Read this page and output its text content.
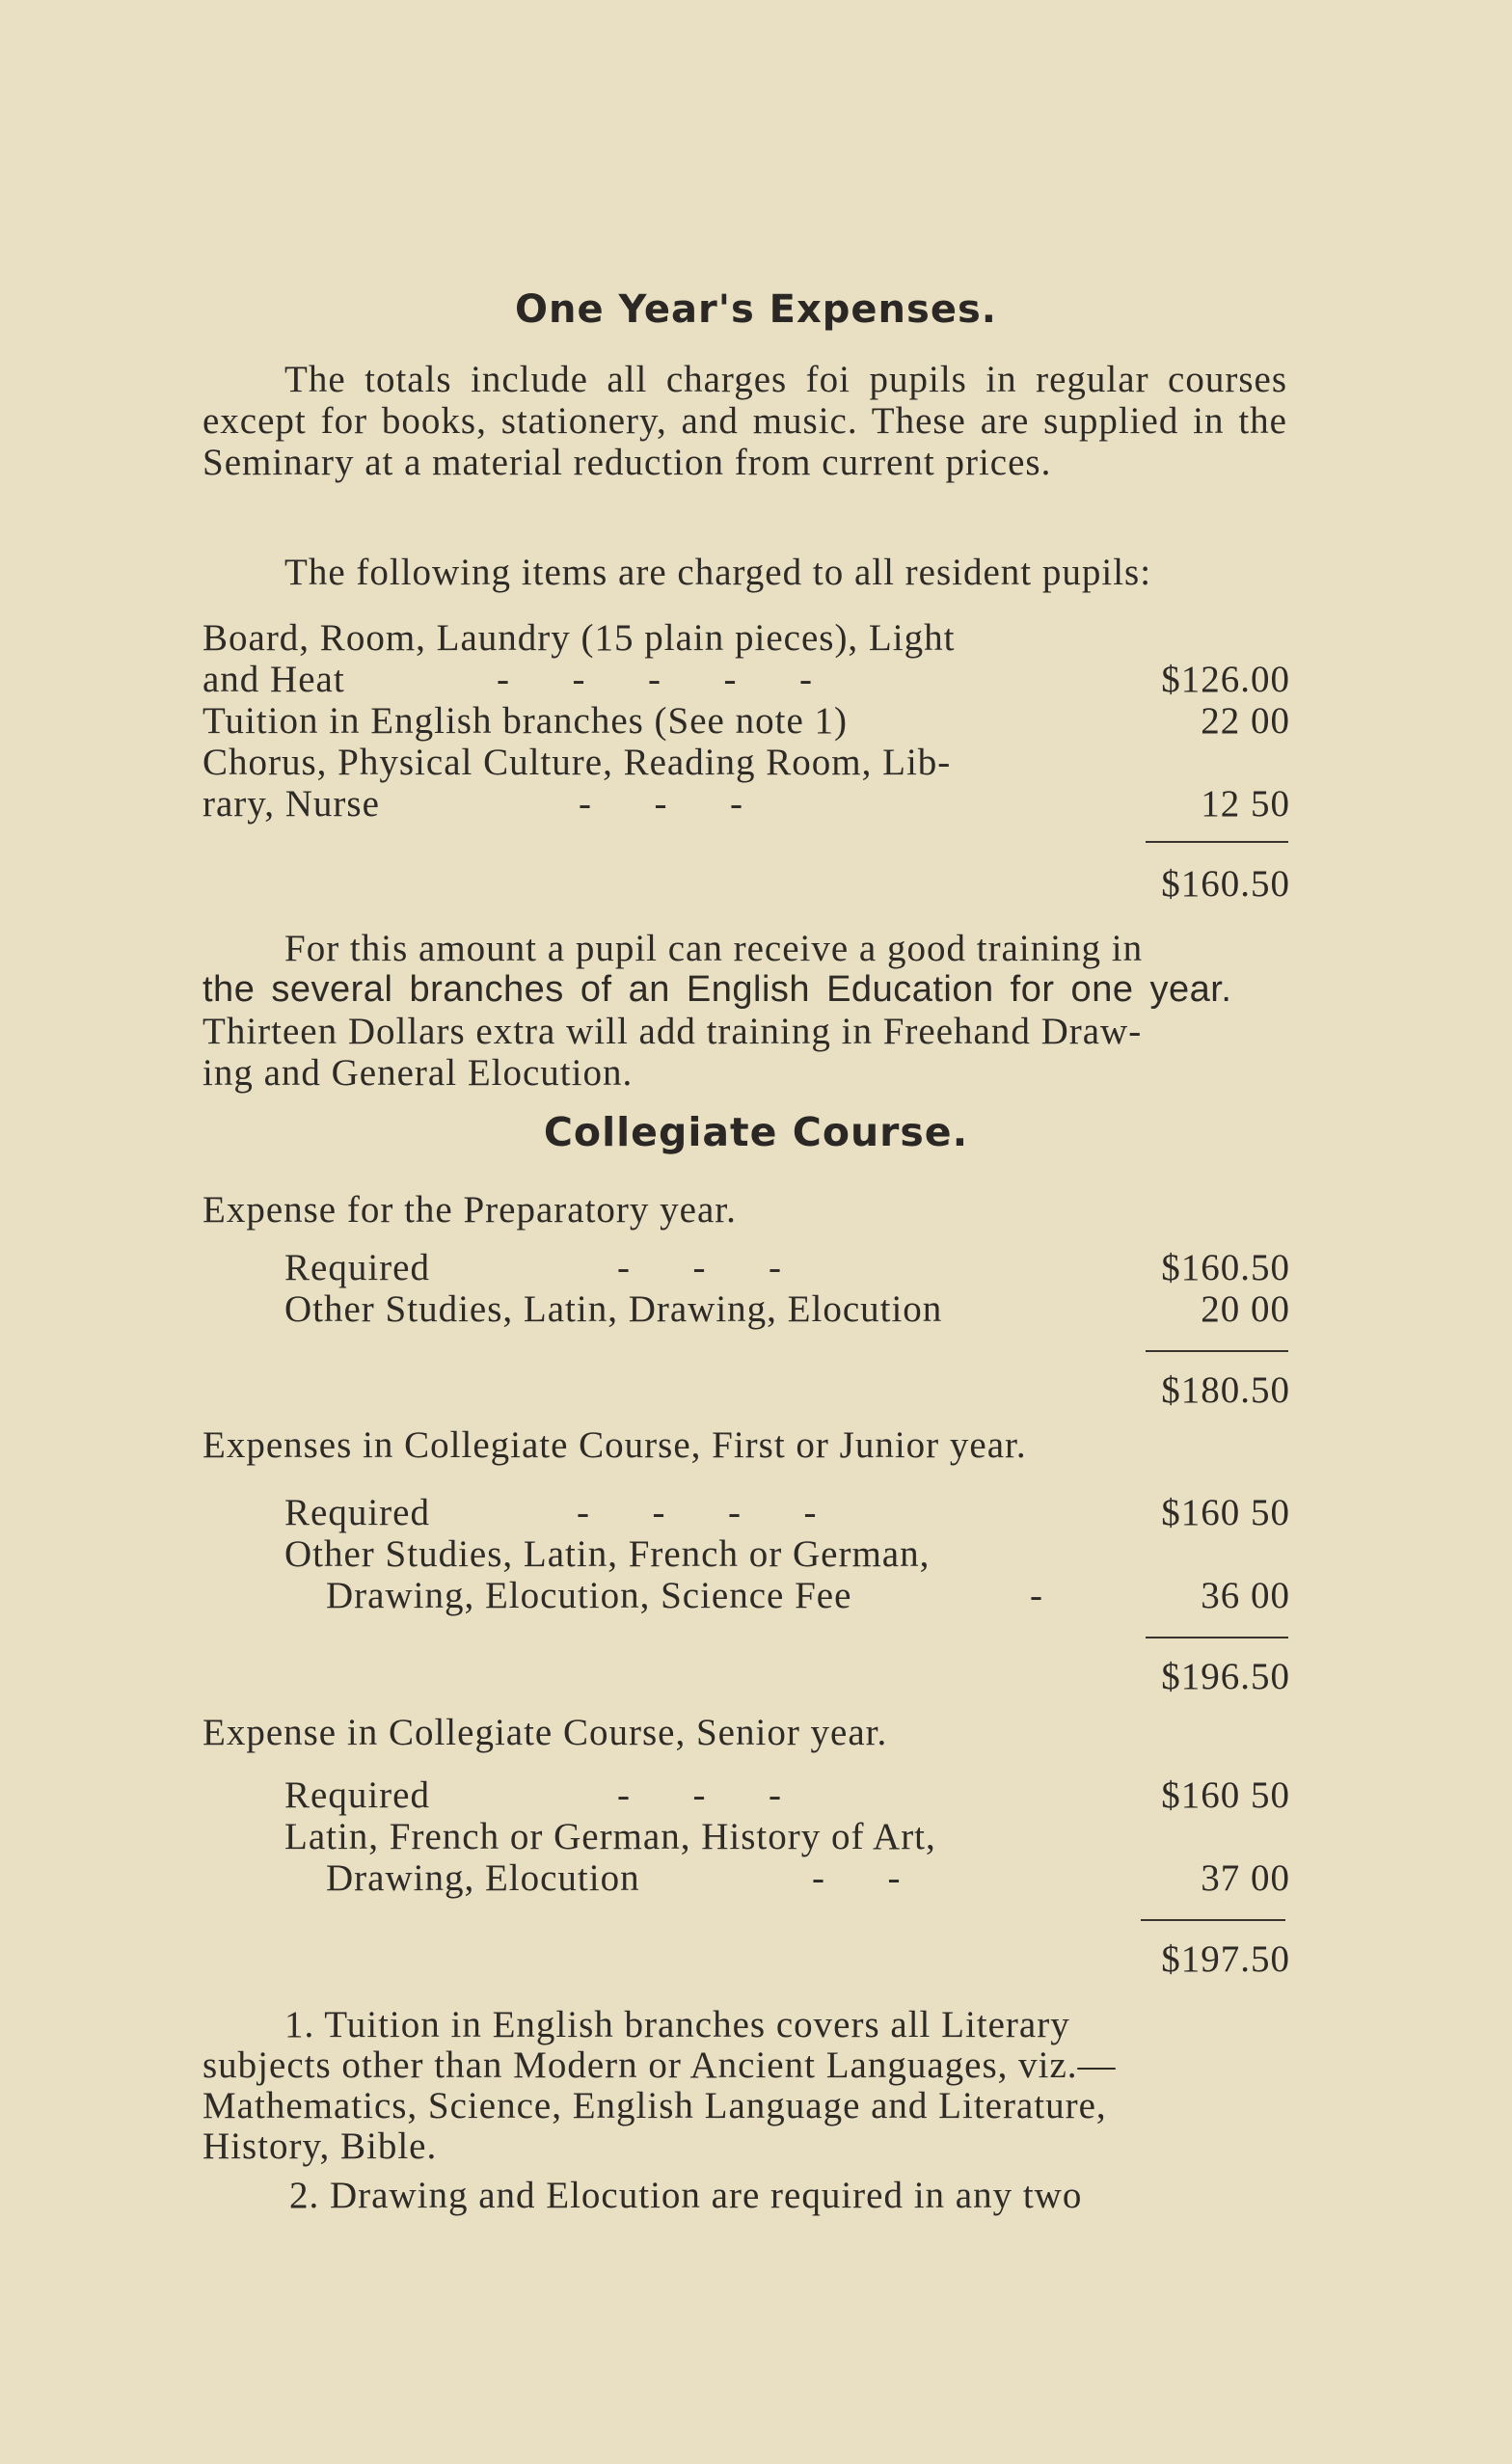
One Year's Expenses.
The totals include all charges foi pupils in regular courses except for books, stationery, and music. These are supplied in the Seminary at a material reduction from current prices.
The following items are charged to all resident pupils:
Board, Room, Laundry (15 plain pieces), Light
and Heat	-      -      -      -      -	$126.00
Tuition in English branches (See note 1)	22 00
Chorus, Physical Culture, Reading Room, Lib-
rary, Nurse	-      -      -	12 50
$160.50
For this amount a pupil can receive a good training in
the several branches of an English Education for one year.
Thirteen Dollars extra will add training in Freehand Draw-
ing and General Elocution.
Collegiate Course.
Expense for the Preparatory year.
Required	-      -      -	$160.50
Other Studies, Latin, Drawing, Elocution	20 00
$180.50
Expenses in Collegiate Course, First or Junior year.
Required	-      -      -      -	$160 50
Other Studies, Latin, French or German,
Drawing, Elocution, Science Fee	-	36 00
$196.50
Expense in Collegiate Course, Senior year.
Required	-      -      -	$160 50
Latin, French or German, History of Art,
Drawing, Elocution	-      -	37 00
$197.50
1. Tuition in English branches covers all Literary
subjects other than Modern or Ancient Languages, viz.—
Mathematics, Science, English Language and Literature,
History, Bible.
2. Drawing and Elocution are required in any two
